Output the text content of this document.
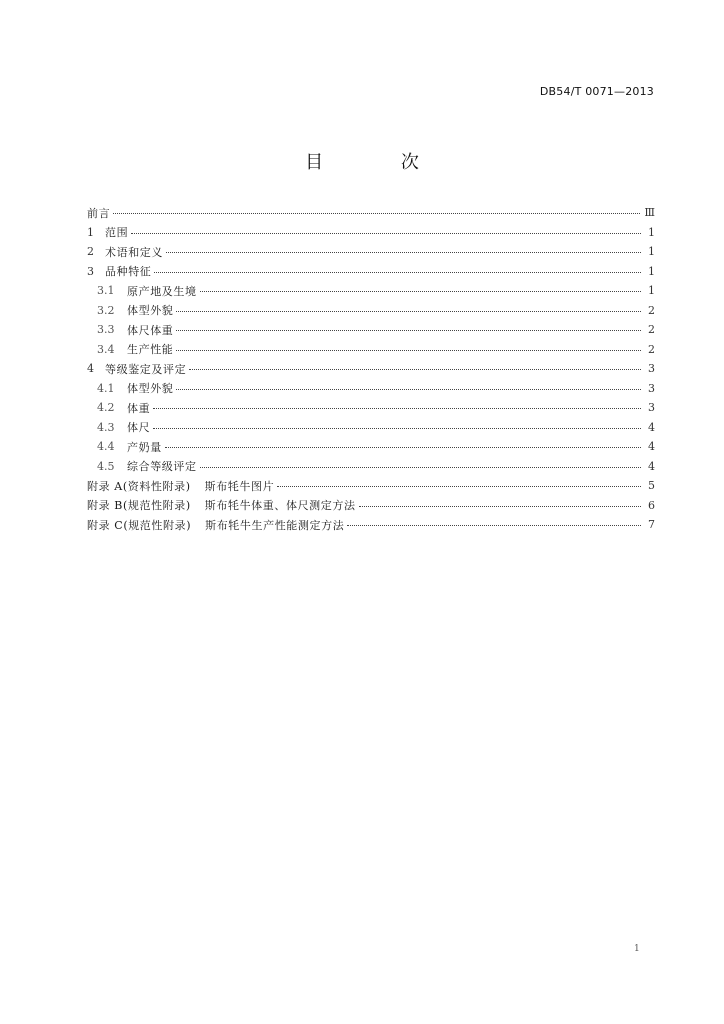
DB54/T 0071—2013
目 次
前言	Ⅲ
1	范围	1
2	术语和定义	1
3	品种特征	1
3.1	原产地及生境	1
3.2	体型外貌	2
3.3	体尺体重	2
3.4	生产性能	2
4	等级鉴定及评定	3
4.1	体型外貌	3
4.2	体重	3
4.3	体尺	4
4.4	产奶量	4
4.5	综合等级评定	4
附录 A(资料性附录) 斯布牦牛图片	5
附录 B(规范性附录) 斯布牦牛体重、体尺测定方法	6
附录 C(规范性附录) 斯布牦牛生产性能测定方法	7
1
